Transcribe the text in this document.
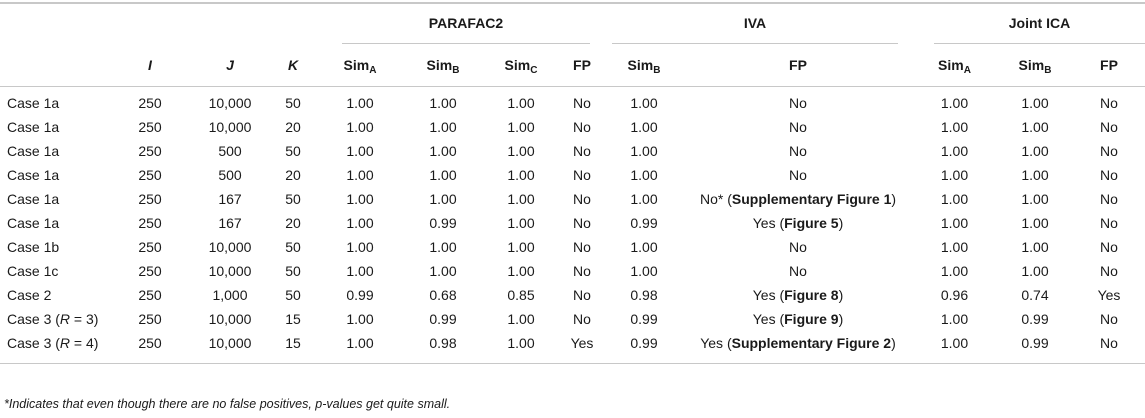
				PARAFAC2				IVA		Joint ICA		

	I	J	K	Sim$_A$	Sim$_B$	Sim$_C$	FP	Sim$_B$	FP	Sim$_A$	Sim$_B$	FP
Case 1a	250	10,000	50	1.00	1.00	1.00	No	1.00	No	1.00	1.00	No
Case 1a	250	10,000	20	1.00	1.00	1.00	No	1.00	No	1.00	1.00	No
Case 1a	250	500	50	1.00	1.00	1.00	No	1.00	No	1.00	1.00	No
Case 1a	250	500	20	1.00	1.00	1.00	No	1.00	No	1.00	1.00	No
Case 1a	250	167	50	1.00	1.00	1.00	No	1.00	No* (Supplementary Figure 1)	1.00	1.00	No
Case 1a	250	167	20	1.00	0.99	1.00	No	0.99	Yes (Figure 5)	1.00	1.00	No
Case 1b	250	10,000	50	1.00	1.00	1.00	No	1.00	No	1.00	1.00	No
Case 1c	250	10,000	50	1.00	1.00	1.00	No	1.00	No	1.00	1.00	No
Case 2	250	1,000	50	0.99	0.68	0.85	No	0.98	Yes (Figure 8)	0.96	0.74	Yes
Case 3 (R = 3)	250	10,000	15	1.00	0.99	1.00	No	0.99	Yes (Figure 9)	1.00	0.99	No
Case 3 (R = 4)	250	10,000	15	1.00	0.98	1.00	Yes	0.99	Yes (Supplementary Figure 2)	1.00	0.99	No
*Indicates that even though there are no false positives, p-values get quite small.
